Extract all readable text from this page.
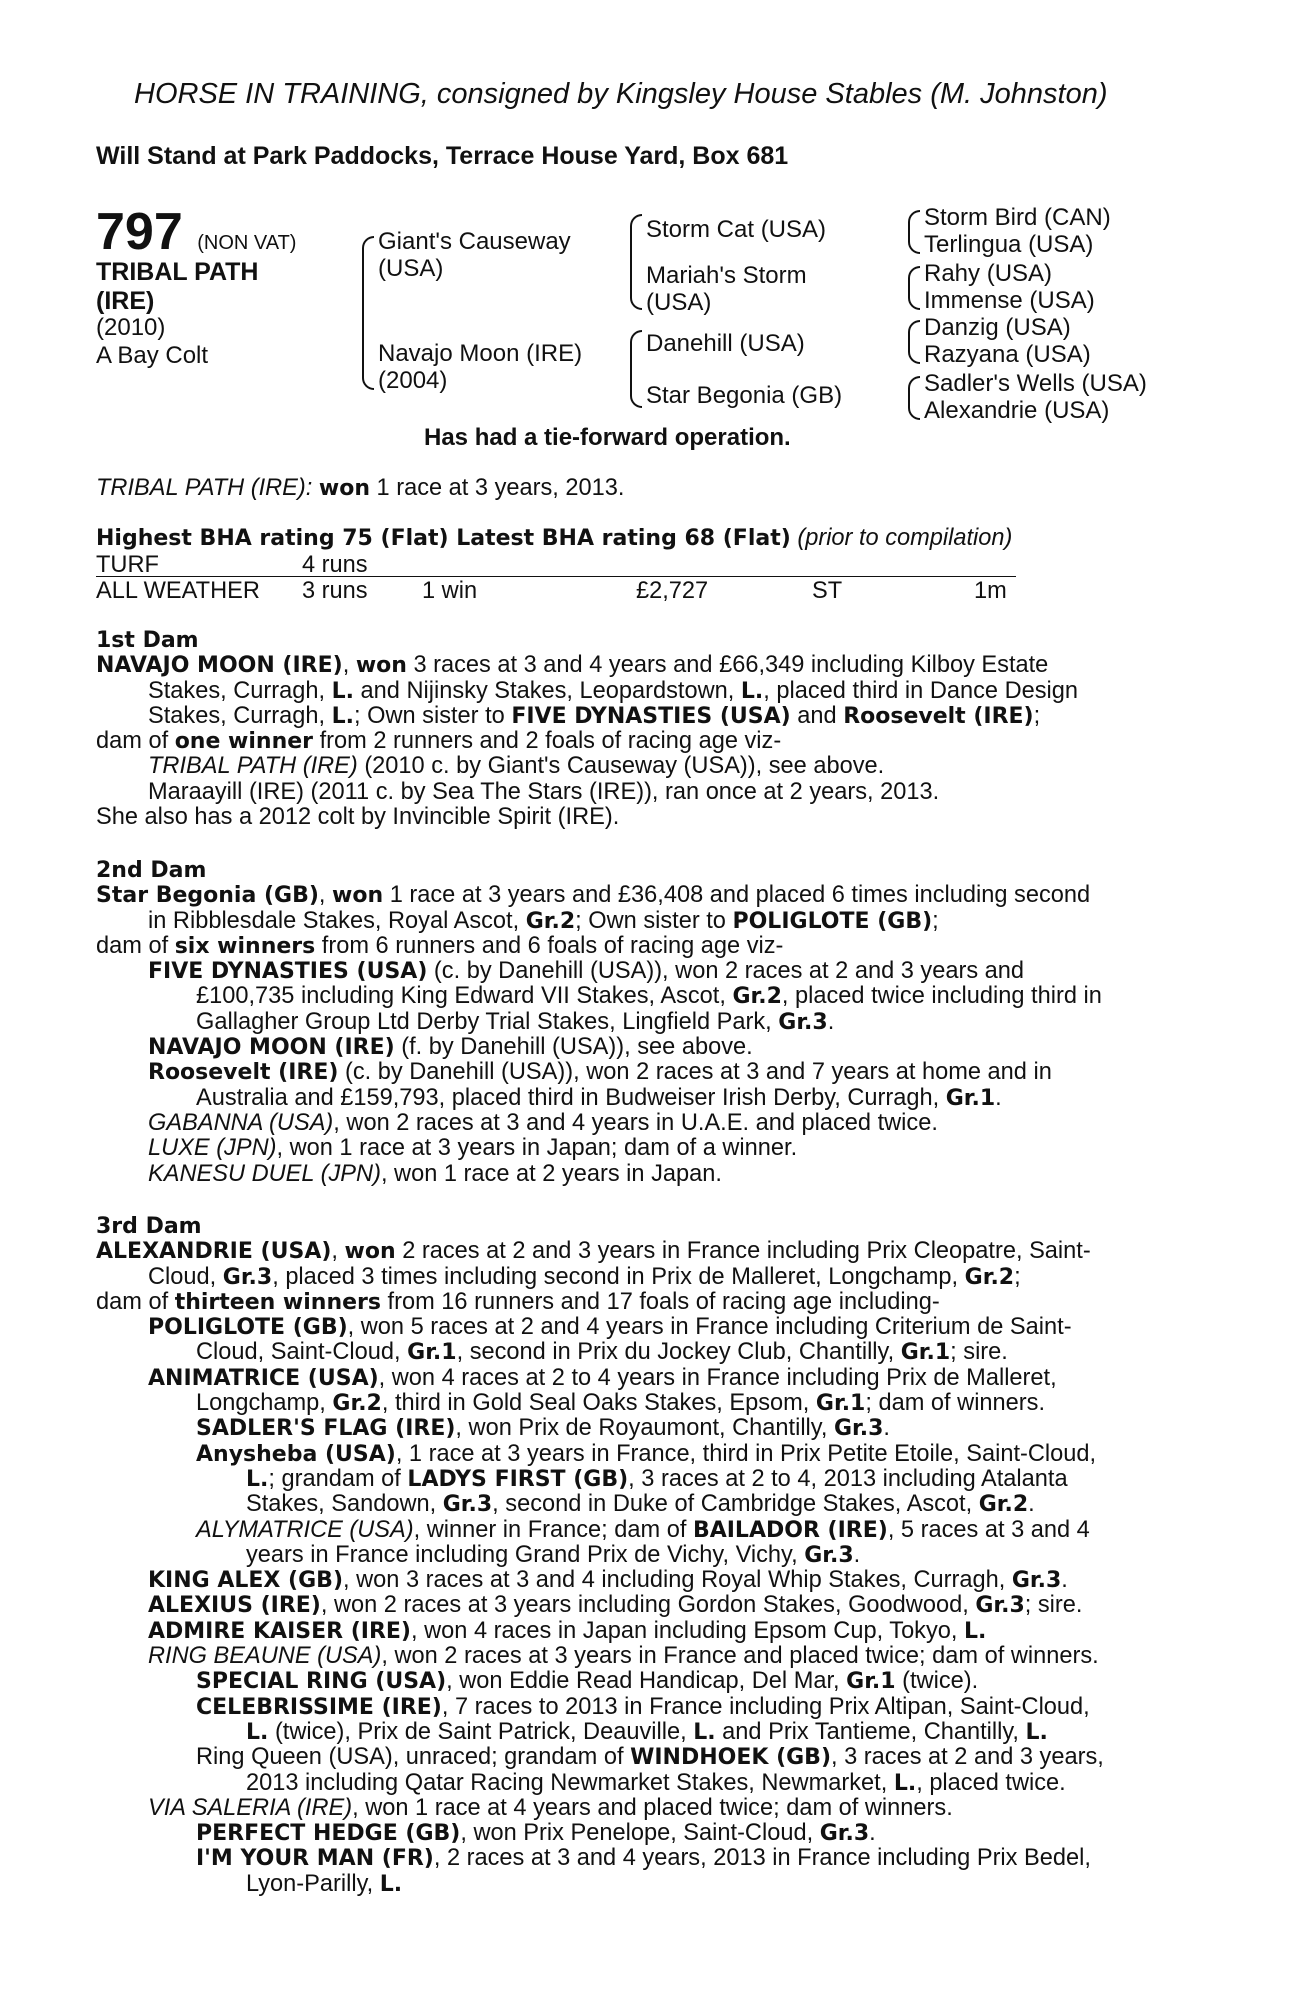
HORSE IN TRAINING, consigned by Kingsley House Stables (M. Johnston)
Will Stand at Park Paddocks, Terrace House Yard, Box 681
797 (NON VAT)
TRIBAL PATH
(IRE)
(2010)
A Bay Colt
Giant's Causeway
(USA)
Navajo Moon (IRE)
(2004)
Storm Cat (USA)
Mariah's Storm
(USA)
Danehill (USA)
Star Begonia (GB)
Storm Bird (CAN)
Terlingua (USA)
Rahy (USA)
Immense (USA)
Danzig (USA)
Razyana (USA)
Sadler's Wells (USA)
Alexandrie (USA)
Has had a tie-forward operation.
TRIBAL PATH (IRE): won 1 race at 3 years, 2013.
Highest BHA rating 75 (Flat) Latest BHA rating 68 (Flat) (prior to compilation)
TURF	4 runs
ALL WEATHER 3 runs 1 win	£2,727	ST	1m
1st Dam
NAVAJO MOON (IRE), won 3 races at 3 and 4 years and £66,349 including Kilboy Estate
Stakes, Curragh, L. and Nijinsky Stakes, Leopardstown, L., placed third in Dance Design
Stakes, Curragh, L.; Own sister to FIVE DYNASTIES (USA) and Roosevelt (IRE);
dam of one winner from 2 runners and 2 foals of racing age viz-
TRIBAL PATH (IRE) (2010 c. by Giant's Causeway (USA)), see above.
Maraayill (IRE) (2011 c. by Sea The Stars (IRE)), ran once at 2 years, 2013.
She also has a 2012 colt by Invincible Spirit (IRE).
2nd Dam
Star Begonia (GB), won 1 race at 3 years and £36,408 and placed 6 times including second
in Ribblesdale Stakes, Royal Ascot, Gr.2; Own sister to POLIGLOTE (GB);
dam of six winners from 6 runners and 6 foals of racing age viz-
FIVE DYNASTIES (USA) (c. by Danehill (USA)), won 2 races at 2 and 3 years and
£100,735 including King Edward VII Stakes, Ascot, Gr.2, placed twice including third in
Gallagher Group Ltd Derby Trial Stakes, Lingfield Park, Gr.3.
NAVAJO MOON (IRE) (f. by Danehill (USA)), see above.
Roosevelt (IRE) (c. by Danehill (USA)), won 2 races at 3 and 7 years at home and in
Australia and £159,793, placed third in Budweiser Irish Derby, Curragh, Gr.1.
GABANNA (USA), won 2 races at 3 and 4 years in U.A.E. and placed twice.
LUXE (JPN), won 1 race at 3 years in Japan; dam of a winner.
KANESU DUEL (JPN), won 1 race at 2 years in Japan.
3rd Dam
ALEXANDRIE (USA), won 2 races at 2 and 3 years in France including Prix Cleopatre, Saint-
Cloud, Gr.3, placed 3 times including second in Prix de Malleret, Longchamp, Gr.2;
dam of thirteen winners from 16 runners and 17 foals of racing age including-
POLIGLOTE (GB), won 5 races at 2 and 4 years in France including Criterium de Saint-
Cloud, Saint-Cloud, Gr.1, second in Prix du Jockey Club, Chantilly, Gr.1; sire.
ANIMATRICE (USA), won 4 races at 2 to 4 years in France including Prix de Malleret,
Longchamp, Gr.2, third in Gold Seal Oaks Stakes, Epsom, Gr.1; dam of winners.
SADLER'S FLAG (IRE), won Prix de Royaumont, Chantilly, Gr.3.
Anysheba (USA), 1 race at 3 years in France, third in Prix Petite Etoile, Saint-Cloud,
L.; grandam of LADYS FIRST (GB), 3 races at 2 to 4, 2013 including Atalanta
Stakes, Sandown, Gr.3, second in Duke of Cambridge Stakes, Ascot, Gr.2.
ALYMATRICE (USA), winner in France; dam of BAILADOR (IRE), 5 races at 3 and 4
years in France including Grand Prix de Vichy, Vichy, Gr.3.
KING ALEX (GB), won 3 races at 3 and 4 including Royal Whip Stakes, Curragh, Gr.3.
ALEXIUS (IRE), won 2 races at 3 years including Gordon Stakes, Goodwood, Gr.3; sire.
ADMIRE KAISER (IRE), won 4 races in Japan including Epsom Cup, Tokyo, L.
RING BEAUNE (USA), won 2 races at 3 years in France and placed twice; dam of winners.
SPECIAL RING (USA), won Eddie Read Handicap, Del Mar, Gr.1 (twice).
CELEBRISSIME (IRE), 7 races to 2013 in France including Prix Altipan, Saint-Cloud,
L. (twice), Prix de Saint Patrick, Deauville, L. and Prix Tantieme, Chantilly, L.
Ring Queen (USA), unraced; grandam of WINDHOEK (GB), 3 races at 2 and 3 years,
2013 including Qatar Racing Newmarket Stakes, Newmarket, L., placed twice.
VIA SALERIA (IRE), won 1 race at 4 years and placed twice; dam of winners.
PERFECT HEDGE (GB), won Prix Penelope, Saint-Cloud, Gr.3.
I'M YOUR MAN (FR), 2 races at 3 and 4 years, 2013 in France including Prix Bedel,
Lyon-Parilly, L.
